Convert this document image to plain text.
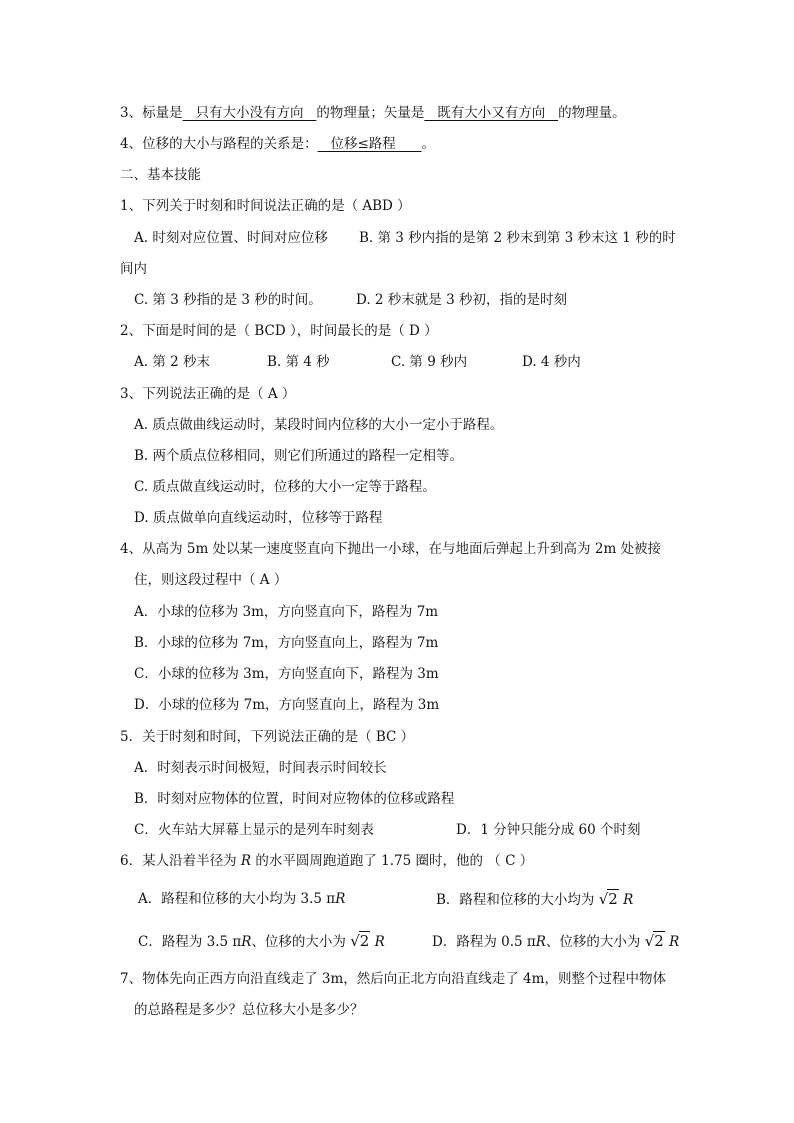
3、标量是   只有大小没有方向   的物理量；矢量是   既有大小又有方向   的物理量。
4、位移的大小与路程的关系是：   位移≤路程      。
二、基本技能
1、下列关于时刻和时间说法正确的是（ ABD ）
A. 时刻对应位置、时间对应位移 B. 第 3 秒内指的是第 2 秒末到第 3 秒末这 1 秒的时
间内
C. 第 3 秒指的是 3 秒的时间。	D. 2 秒末就是 3 秒初，指的是时刻
2、下面是时间的是（ BCD ），时间最长的是（ D ）
A. 第 2 秒末	B. 第 4 秒	C. 第 9 秒内	D. 4 秒内
3、下列说法正确的是（ A ）
A. 质点做曲线运动时，某段时间内位移的大小一定小于路程。
B. 两个质点位移相同，则它们所通过的路程一定相等。
C. 质点做直线运动时，位移的大小一定等于路程。
D. 质点做单向直线运动时，位移等于路程
4、从高为 5m 处以某一速度竖直向下抛出一小球，在与地面后弹起上升到高为 2m 处被接
住，则这段过程中（ A ）
A．小球的位移为 3m，方向竖直向下，路程为 7m
B．小球的位移为 7m，方向竖直向上，路程为 7m
C．小球的位移为 3m，方向竖直向下，路程为 3m
D．小球的位移为 7m，方向竖直向上，路程为 3m
5．关于时刻和时间，下列说法正确的是（ BC ）
A．时刻表示时间极短，时间表示时间较长
B．时刻对应物体的位置，时间对应物体的位移或路程
C．火车站大屏幕上显示的是列车时刻表	D．1 分钟只能分成 60 个时刻
6．某人沿着半径为 R 的水平圆周跑道跑了 1.75 圈时，他的 （ C ）
A．路程和位移的大小均为 3.5 πR	B．路程和位移的大小均为 √2 R
C．路程为 3.5 πR、位移的大小为 √2 R	D．路程为 0.5 πR、位移的大小为 √2 R
7、物体先向正西方向沿直线走了 3m，然后向正北方向沿直线走了 4m，则整个过程中物体
的总路程是多少？总位移大小是多少？
